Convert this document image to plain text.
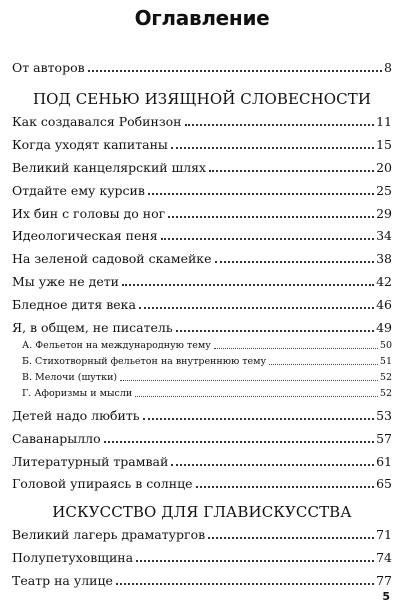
Оглавление
От авторов	8
ПОД СЕНЬЮ ИЗЯЩНОЙ СЛОВЕСНОСТИ
Как создавался Робинзон	11
Когда уходят капитаны	15
Великий канцелярский шлях	20
Отдайте ему курсив	25
Их бин с головы до ног	29
Идеологическая пеня	34
На зеленой садовой скамейке	38
Мы уже не дети	42
Бледное дитя века	46
Я, в общем, не писатель	49
А. Фельетон на международную тему	50
Б. Стихотворный фельетон на внутреннюю тему	51
В. Мелочи (шутки)	52
Г. Афоризмы и мысли	52
Детей надо любить	53
Саванарылло	57
Литературный трамвай	61
Головой упираясь в солнце	65
ИСКУССТВО ДЛЯ ГЛАВИСКУССТВА
Великий лагерь драматургов	71
Полупетуховщина	74
Театр на улице	77
5
